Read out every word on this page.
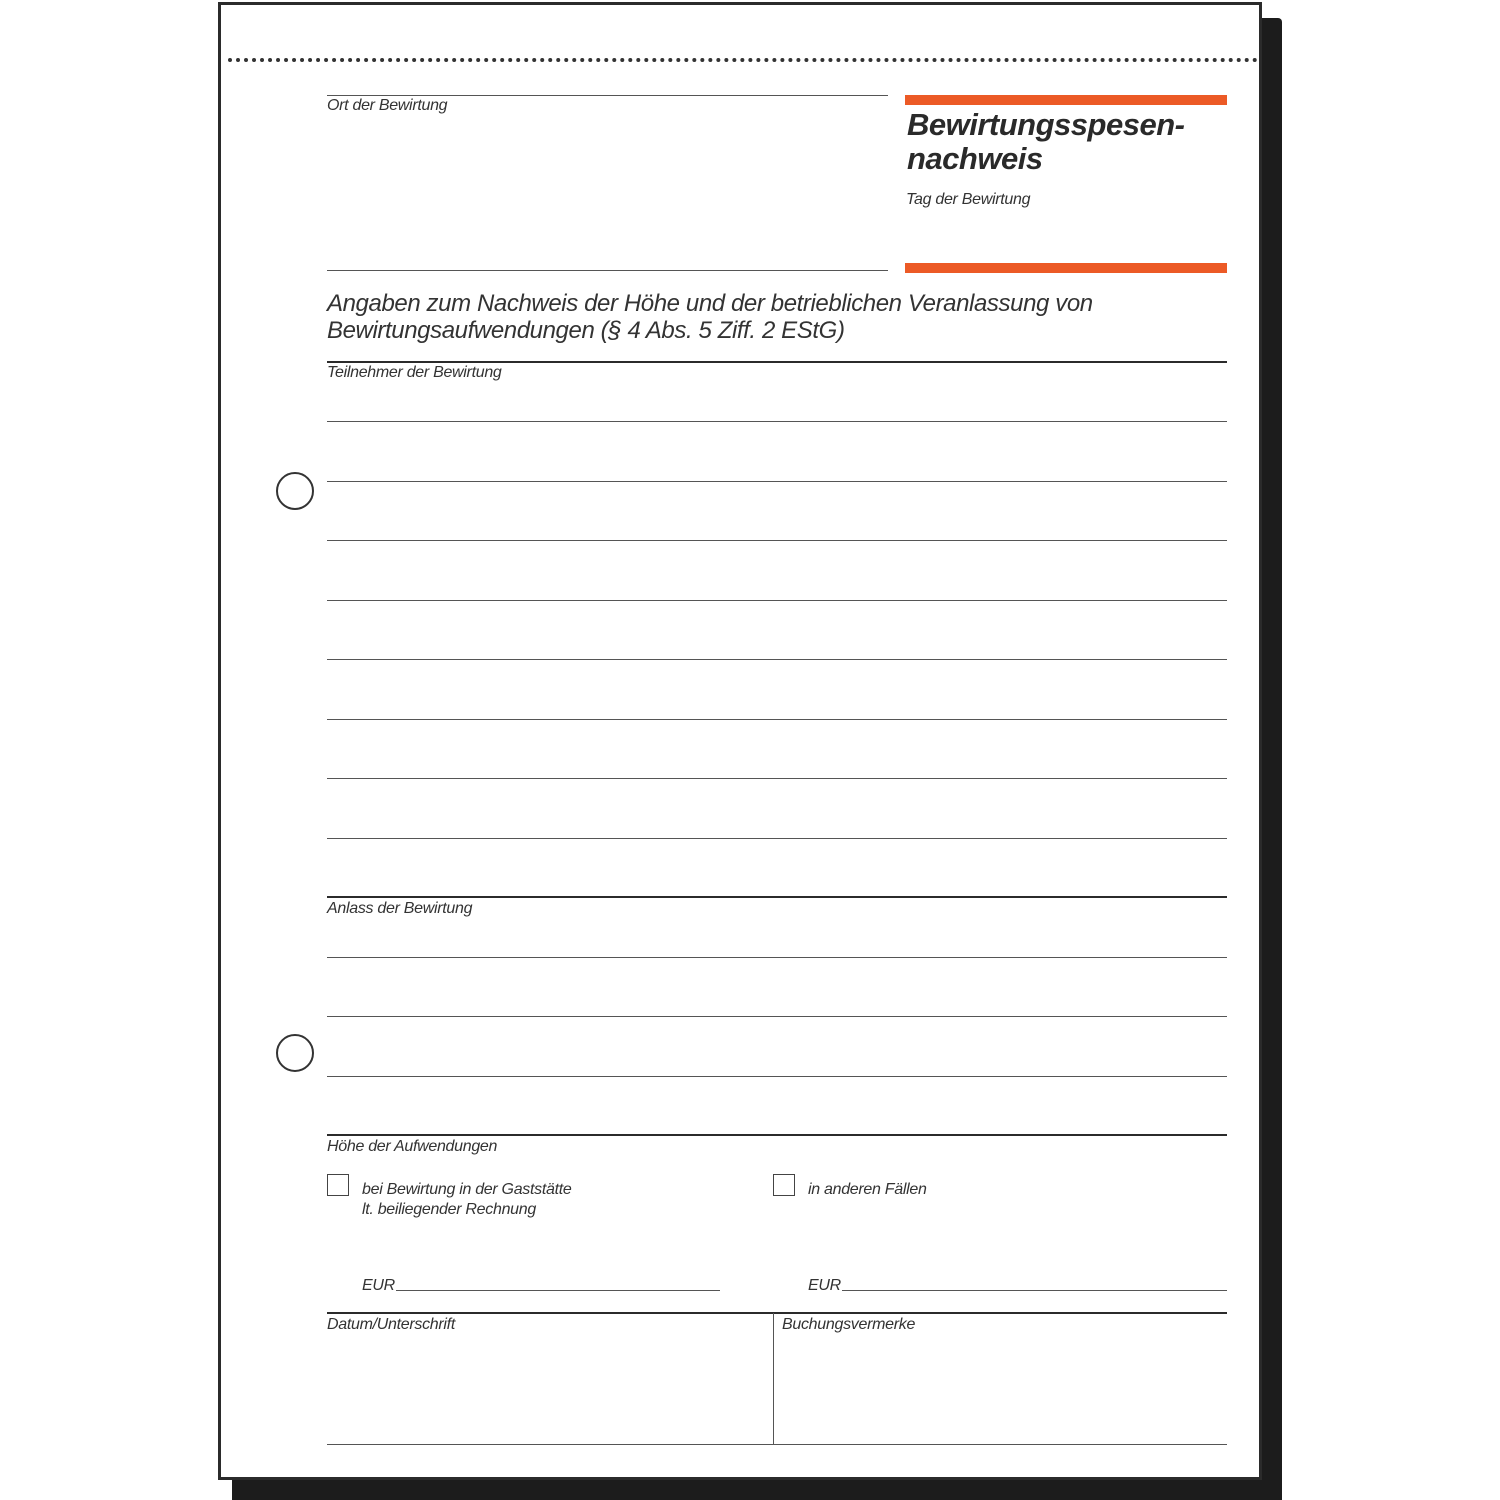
Ort der Bewirtung
Bewirtungsspesen-
nachweis
Tag der Bewirtung
Angaben zum Nachweis der Höhe und der betrieblichen Veranlassung von
Bewirtungsaufwendungen (§ 4 Abs. 5 Ziff. 2 EStG)
Teilnehmer der Bewirtung
Anlass der Bewirtung
Höhe der Aufwendungen
bei Bewirtung in der Gaststätte
lt. beiliegender Rechnung
in anderen Fällen
EUR	EUR
Datum/Unterschrift	Buchungsvermerke
